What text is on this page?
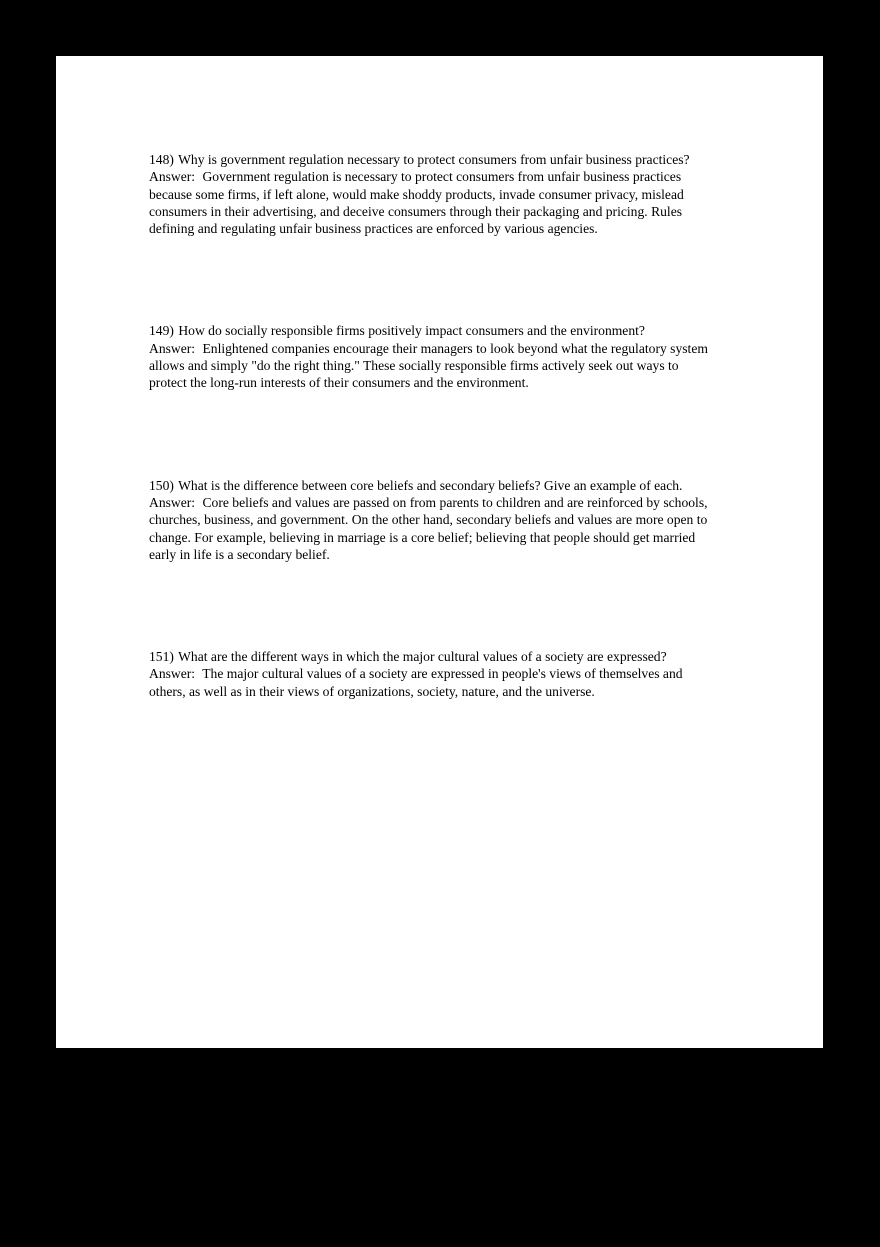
148) Why is government regulation necessary to protect consumers from unfair business practices?

Answer: Government regulation is necessary to protect consumers from unfair business practices because some firms, if left alone, would make shoddy products, invade consumer privacy, mislead consumers in their advertising, and deceive consumers through their packaging and pricing. Rules defining and regulating unfair business practices are enforced by various agencies.

149) How do socially responsible firms positively impact consumers and the environment?

Answer: Enlightened companies encourage their managers to look beyond what the regulatory system allows and simply "do the right thing." These socially responsible firms actively seek out ways to protect the long-run interests of their consumers and the environment.

150) What is the difference between core beliefs and secondary beliefs? Give an example of each.

Answer: Core beliefs and values are passed on from parents to children and are reinforced by schools, churches, business, and government. On the other hand, secondary beliefs and values are more open to change. For example, believing in marriage is a core belief; believing that people should get married early in life is a secondary belief.

151) What are the different ways in which the major cultural values of a society are expressed?

Answer: The major cultural values of a society are expressed in people's views of themselves and others, as well as in their views of organizations, society, nature, and the universe.
